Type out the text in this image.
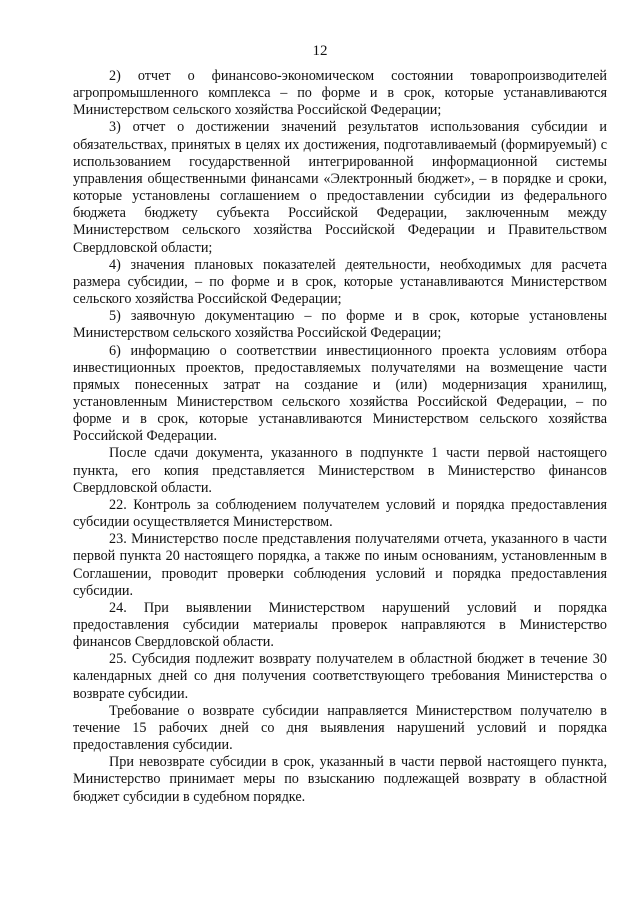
12

2) отчет о финансово-экономическом состоянии товаропроизводителей агропромышленного комплекса – по форме и в срок, которые устанавливаются Министерством сельского хозяйства Российской Федерации;

3) отчет о достижении значений результатов использования субсидии и обязательствах, принятых в целях их достижения, подготавливаемый (формируемый) с использованием государственной интегрированной информационной системы управления общественными финансами «Электронный бюджет», – в порядке и сроки, которые установлены соглашением о предоставлении субсидии из федерального бюджета бюджету субъекта Российской Федерации, заключенным между Министерством сельского хозяйства Российской Федерации и Правительством Свердловской области;

4) значения плановых показателей деятельности, необходимых для расчета размера субсидии, – по форме и в срок, которые устанавливаются Министерством сельского хозяйства Российской Федерации;

5) заявочную документацию – по форме и в срок, которые установлены Министерством сельского хозяйства Российской Федерации;

6) информацию о соответствии инвестиционного проекта условиям отбора инвестиционных проектов, предоставляемых получателями на возмещение части прямых понесенных затрат на создание и (или) модернизация хранилищ, установленным Министерством сельского хозяйства Российской Федерации, – по форме и в срок, которые устанавливаются Министерством сельского хозяйства Российской Федерации.

После сдачи документа, указанного в подпункте 1 части первой настоящего пункта, его копия представляется Министерством в Министерство финансов Свердловской области.

22. Контроль за соблюдением получателем условий и порядка предоставления субсидии осуществляется Министерством.

23. Министерство после представления получателями отчета, указанного в части первой пункта 20 настоящего порядка, а также по иным основаниям, установленным в Соглашении, проводит проверки соблюдения условий и порядка предоставления субсидии.

24. При выявлении Министерством нарушений условий и порядка предоставления субсидии материалы проверок направляются в Министерство финансов Свердловской области.

25. Субсидия подлежит возврату получателем в областной бюджет в течение 30 календарных дней со дня получения соответствующего требования Министерства о возврате субсидии.

Требование о возврате субсидии направляется Министерством получателю в течение 15 рабочих дней со дня выявления нарушений условий и порядка предоставления субсидии.

При невозврате субсидии в срок, указанный в части первой настоящего пункта, Министерство принимает меры по взысканию подлежащей возврату в областной бюджет субсидии в судебном порядке.
